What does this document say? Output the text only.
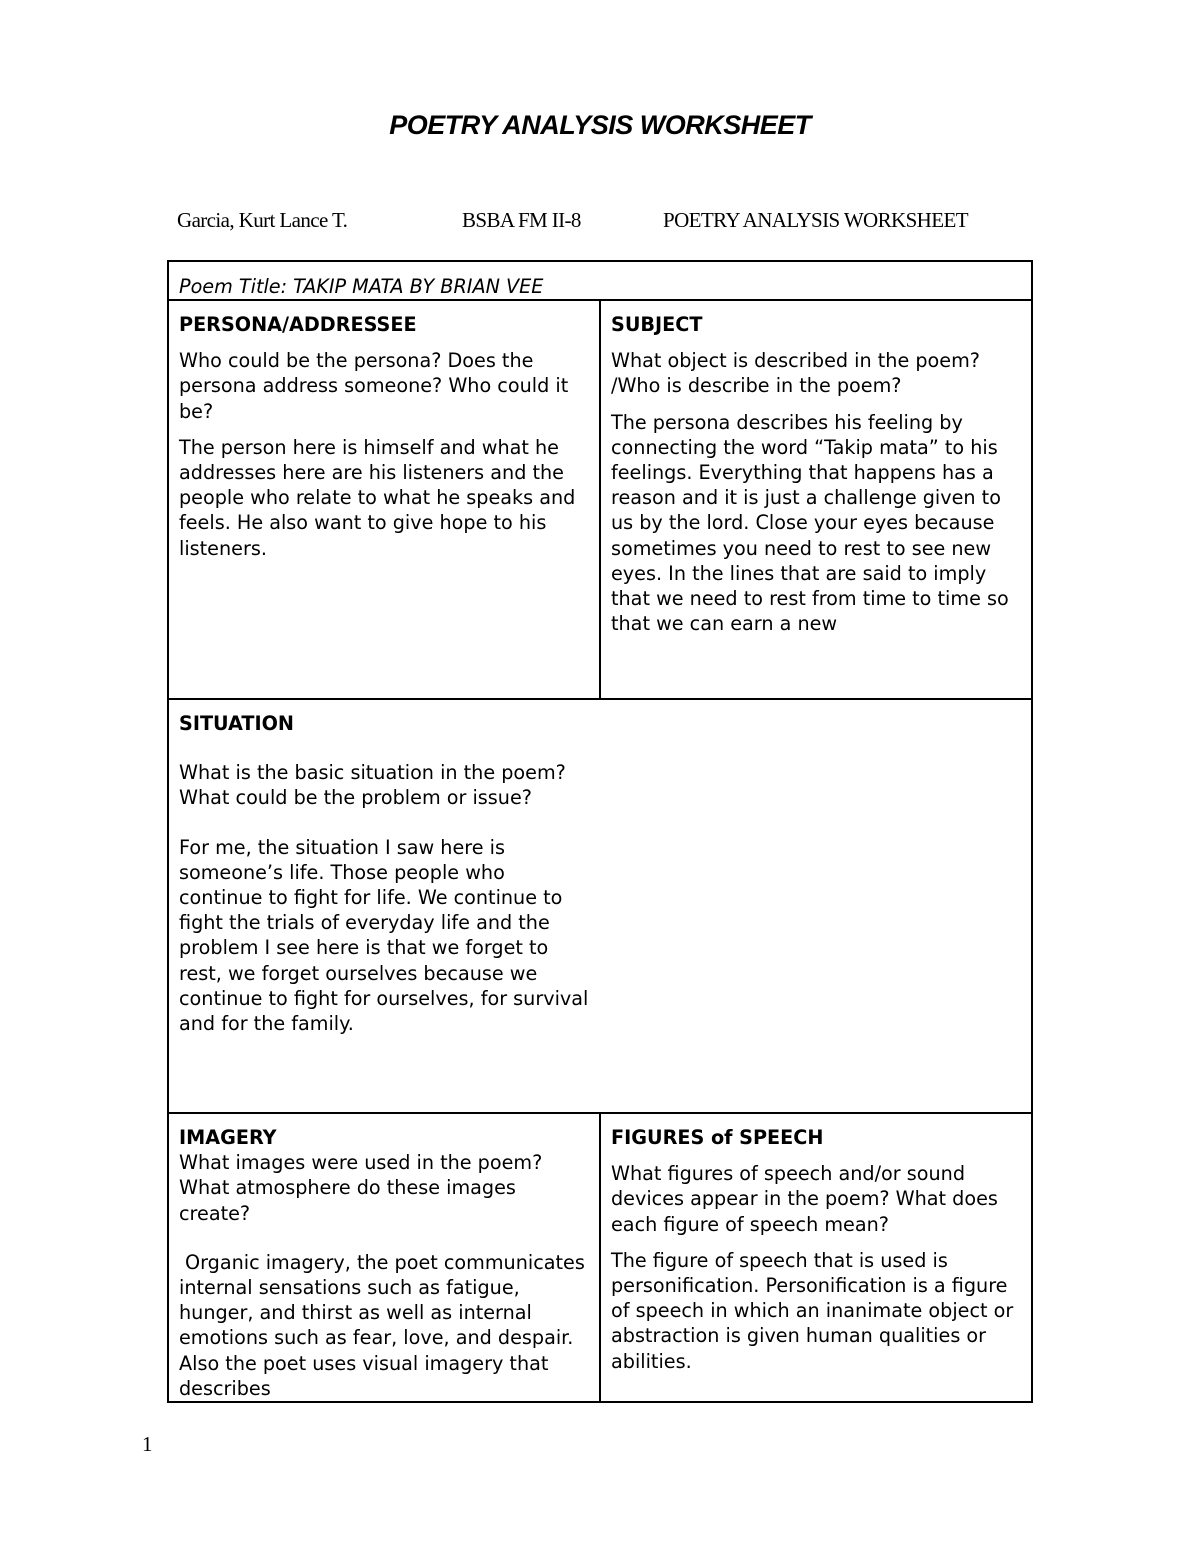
POETRY ANALYSIS WORKSHEET
Garcia, Kurt Lance T.	BSBA FM II-8	POETRY ANALYSIS WORKSHEET
Poem Title: TAKIP MATA BY BRIAN VEE

PERSONA/ADDRESSEE

Who could be the persona? Does the persona address someone? Who could it be?

The person here is himself and what he addresses here are his listeners and the people who relate to what he speaks and feels. He also want to give hope to his listeners.

SUBJECT

What object is described in the poem? /Who is describe in the poem?

The persona describes his feeling by connecting the word “Takip mata” to his feelings. Everything that happens has a reason and it is just a challenge given to us by the lord. Close your eyes because sometimes you need to rest to see new eyes. In the lines that are said to imply that we need to rest from time to time so that we can earn a new

SITUATION

What is the basic situation in the poem?

What could be the problem or issue?

For me, the situation I saw here is someone’s life. Those people who continue to fight for life. We continue to fight the trials of everyday life and the problem I see here is that we forget to rest, we forget ourselves because we continue to fight for ourselves, for survival and for the family.

IMAGERY

What images were used in the poem? What atmosphere do these images create?

Organic imagery, the poet communicates internal sensations such as fatigue, hunger, and thirst as well as internal emotions such as fear, love, and despair. Also the poet uses visual imagery that describes

FIGURES of SPEECH

What figures of speech and/or sound devices appear in the poem? What does each figure of speech mean?

The figure of speech that is used is personification. Personification is a figure of speech in which an inanimate object or abstraction is given human qualities or abilities.

1
